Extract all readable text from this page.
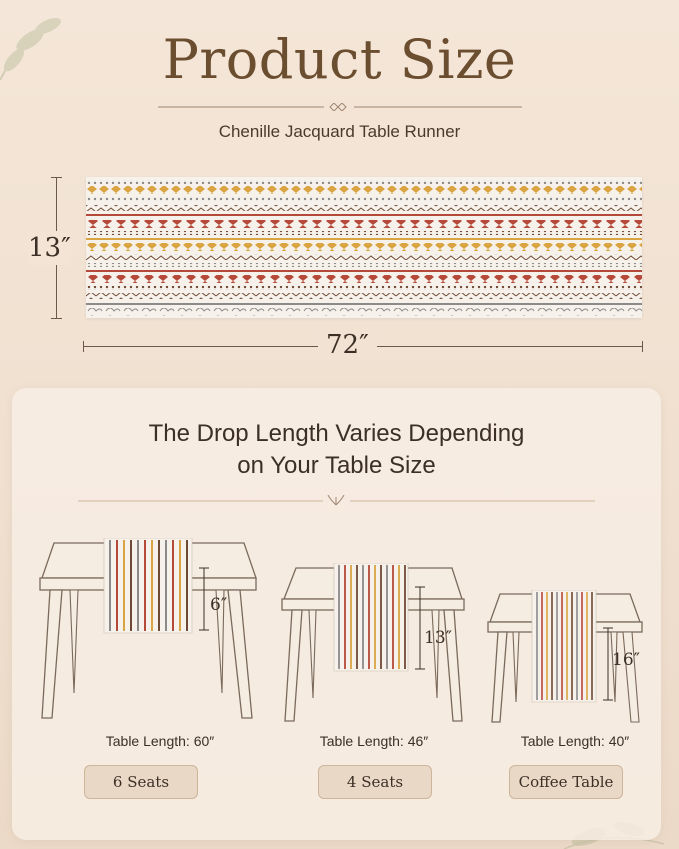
Product Size
Chenille Jacquard Table Runner
13″
72″
The Drop Length Varies Depending
on Your Table Size
6″
13″
16″
Table Length: 60″	Table Length: 46″	Table Length: 40″
6 Seats	4 Seats	Coffee Table
